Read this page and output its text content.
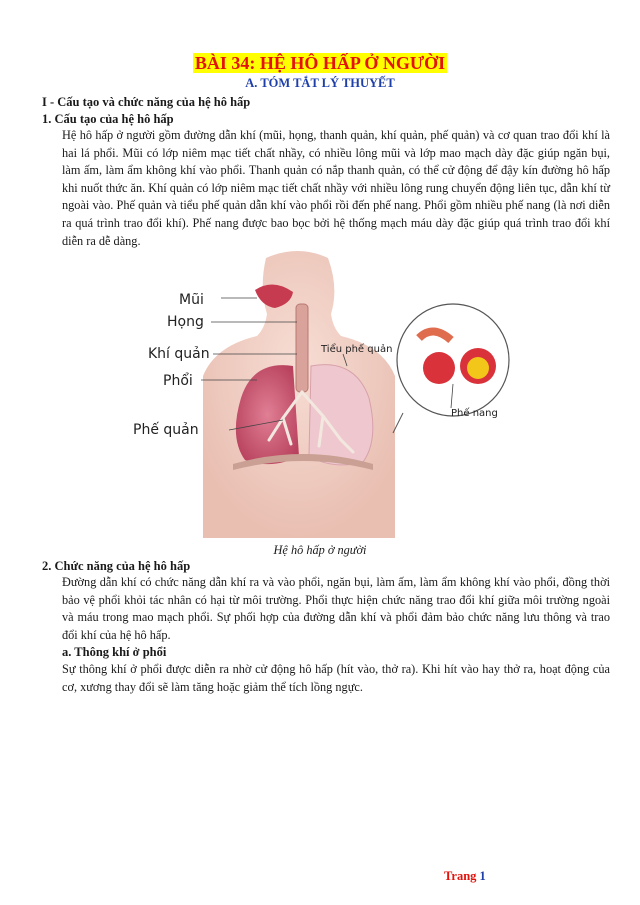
BÀI 34: HỆ HÔ HẤP Ở NGƯỜI
A. TÓM TẮT LÝ THUYẾT
I - Cấu tạo và chức năng của hệ hô hấp
1. Cấu tạo của hệ hô hấp
Hệ hô hấp ở người gồm đường dẫn khí (mũi, họng, thanh quản, khí quản, phế quản) và cơ quan trao đổi khí là hai lá phổi. Mũi có lớp niêm mạc tiết chất nhầy, có nhiều lông mũi và lớp mao mạch dày đặc giúp ngăn bụi, làm ấm, làm ẩm không khí vào phổi. Thanh quản có nắp thanh quản, có thể cử động để đậy kín đường hô hấp khi nuốt thức ăn. Khí quản có lớp niêm mạc tiết chất nhầy với nhiều lông rung chuyển động liên tục, dẫn khí từ ngoài vào. Phế quản và tiểu phế quản dẫn khí vào phổi rồi đến phế nang. Phổi gồm nhiều phế nang (là nơi diễn ra quá trình trao đổi khí). Phế nang được bao bọc bởi hệ thống mạch máu dày đặc giúp quá trình trao đổi khí diễn ra dễ dàng.
Mũi
Họng
Khí quản
Phổi
Phế quản
Tiểu phế quản
Phế nang
Hệ hô hấp ở người
2. Chức năng của hệ hô hấp
Đường dẫn khí có chức năng dẫn khí ra và vào phổi, ngăn bụi, làm ấm, làm ẩm không khí vào phổi, đồng thời bảo vệ phổi khỏi tác nhân có hại từ môi trường. Phổi thực hiện chức năng trao đổi khí giữa môi trường ngoài và máu trong mao mạch phổi. Sự phối hợp của đường dẫn khí và phổi đảm bảo chức năng lưu thông và trao đổi khí của hệ hô hấp.
a. Thông khí ở phổi
Sự thông khí ở phổi được diễn ra nhờ cử động hô hấp (hít vào, thở ra). Khi hít vào hay thở ra, hoạt động của cơ, xương thay đổi sẽ làm tăng hoặc giảm thể tích lồng ngực.
Trang 1
